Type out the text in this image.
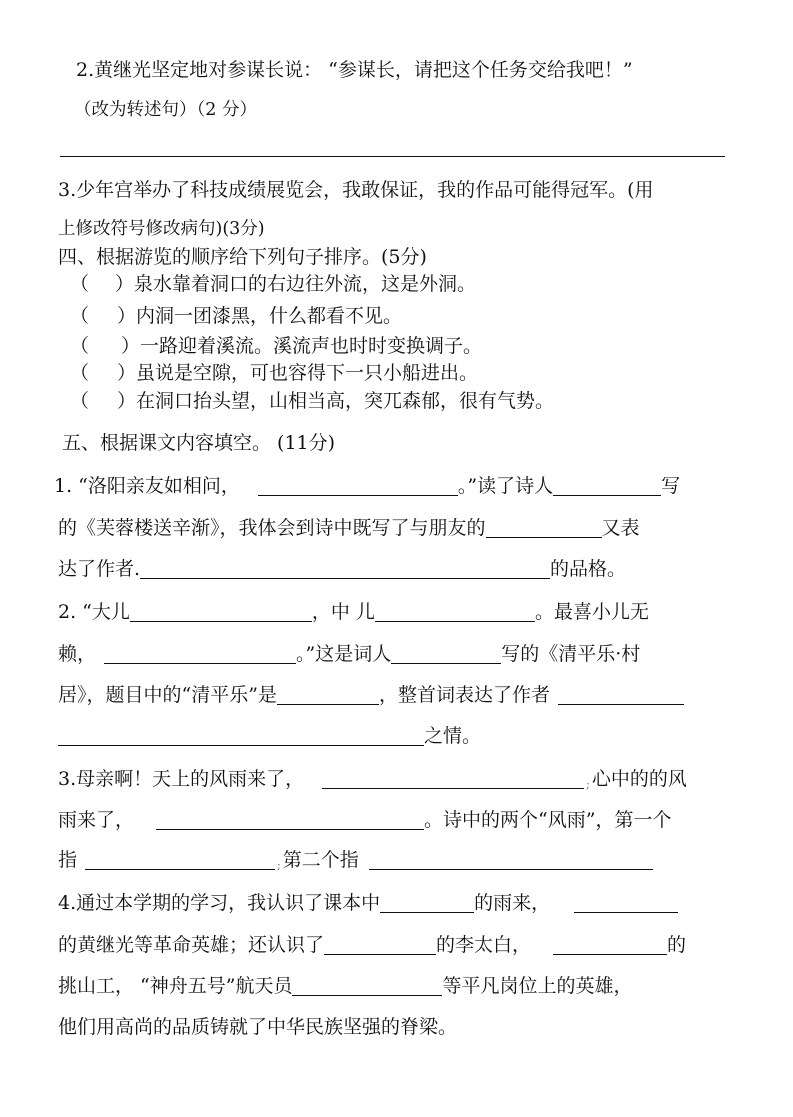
2.黄继光坚定地对参谋长说： “参谋长，请把这个任务交给我吧！”
（改为转述句）（2 分）
3.少年宫举办了科技成绩展览会，我敢保证，我的作品可能得冠军。(用
上修改符号修改病句)(3分)
四、根据游览的顺序给下列句子排序。(5分)
（ ）泉水靠着洞口的右边往外流，这是外洞。
（ ）内洞一团漆黑，什么都看不见。
（ ）一路迎着溪流。溪流声也时时变换调子。
（ ）虽说是空隙，可也容得下一只小船进出。
（ ）在洞口抬头望，山相当高，突兀森郁，很有气势。
五、根据课文内容填空。 (11分)
1. “洛阳亲友如相问，	。”读了诗人	写
的《芙蓉楼送辛渐》，我体会到诗中既写了与朋友的	又表
达了作者.	的品格。
2. “大儿	，中 儿	。最喜小儿无
赖，	。”这是词人	写的《清平乐·村
居》，题目中的“清平乐”是	，整首词表达了作者
之情。
3.母亲啊！天上的风雨来了，	; 心中的的风
雨来了，	。诗中的两个“风雨”，第一个
指	; 第二个指
4.通过本学期的学习，我认识了课本中	的雨来，
的黄继光等革命英雄；还认识了	的李太白，	的
挑山工， “神舟五号”航天员	等平凡岗位上的英雄，
他们用高尚的品质铸就了中华民族坚强的脊梁。
